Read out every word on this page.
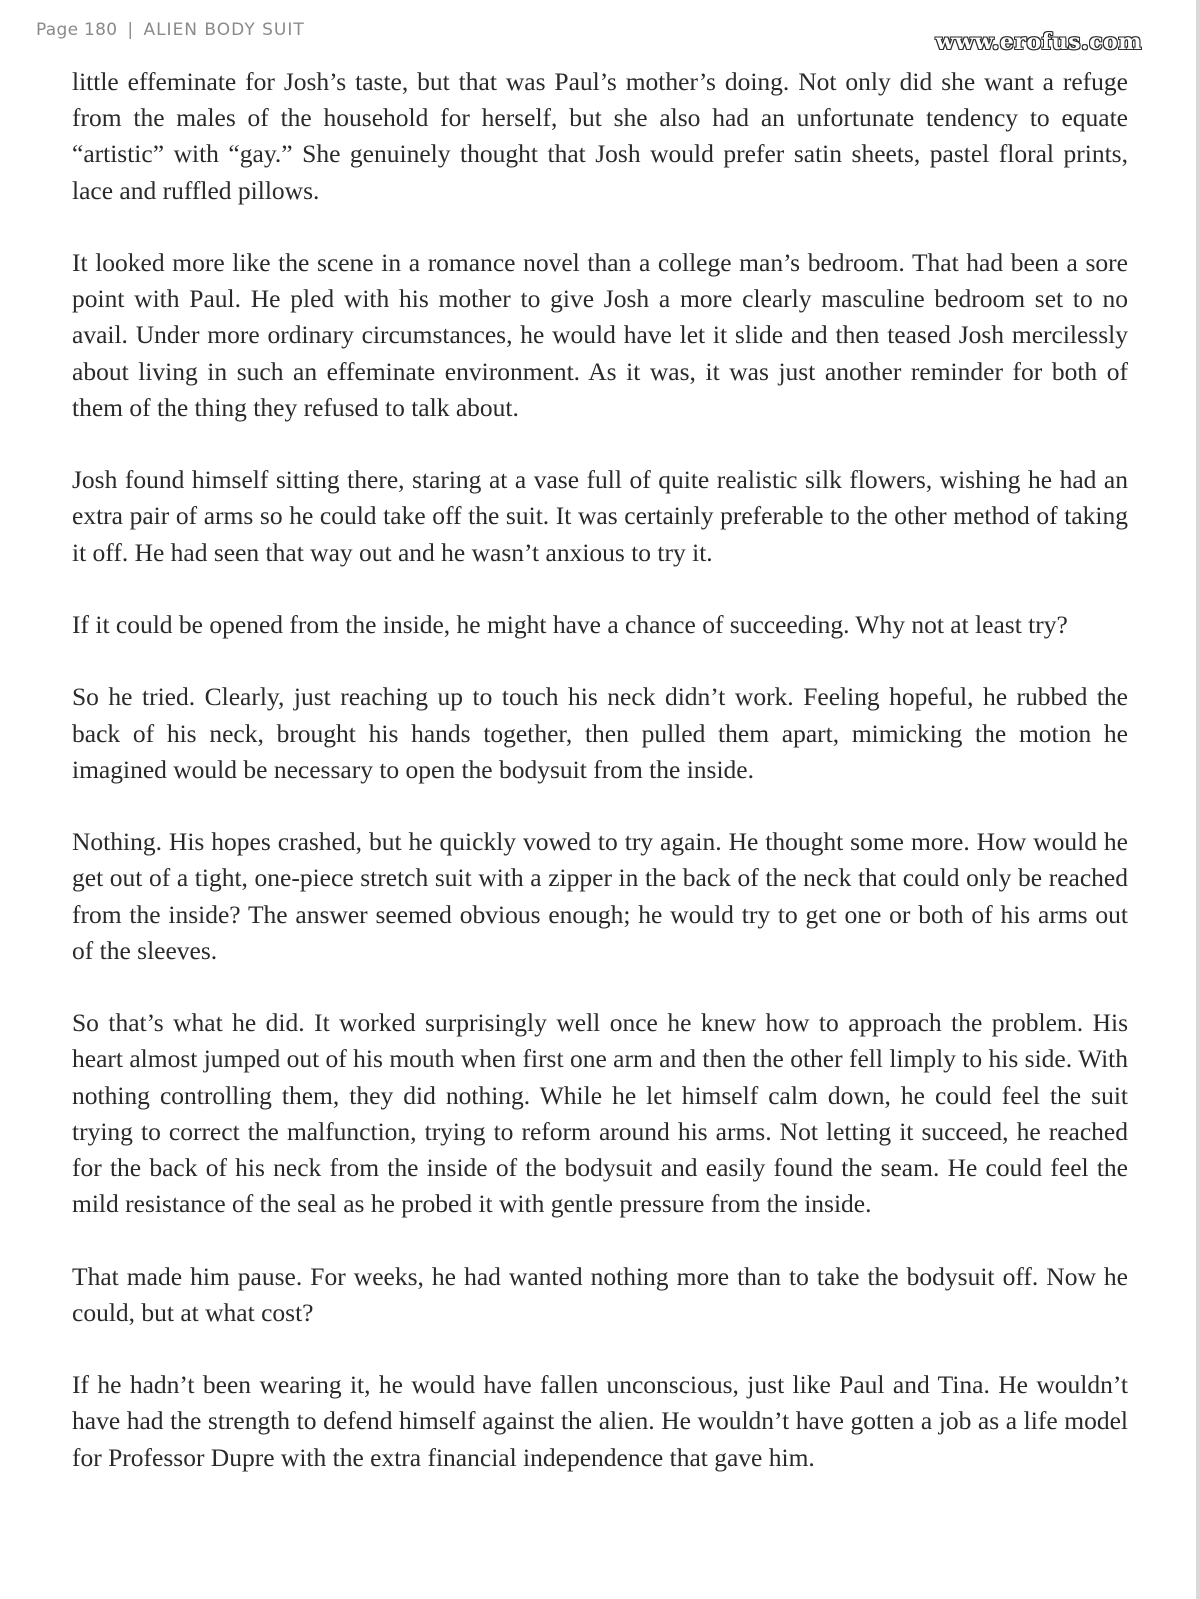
Page 180 | ALIEN BODY SUIT	www.erofus.com

little effeminate for Josh’s taste, but that was Paul’s mother’s doing. Not only did she want a refuge from the males of the household for herself, but she also had an unfortunate tendency to equate “artistic” with “gay.” She genuinely thought that Josh would prefer satin sheets, pastel floral prints, lace and ruffled pillows.

It looked more like the scene in a romance novel than a college man’s bedroom. That had been a sore point with Paul. He pled with his mother to give Josh a more clearly masculine bedroom set to no avail. Under more ordinary circumstances, he would have let it slide and then teased Josh mercilessly about living in such an effeminate environment. As it was, it was just another reminder for both of them of the thing they refused to talk about.

Josh found himself sitting there, staring at a vase full of quite realistic silk flowers, wishing he had an extra pair of arms so he could take off the suit. It was certainly preferable to the other method of taking it off. He had seen that way out and he wasn’t anxious to try it.

If it could be opened from the inside, he might have a chance of succeeding. Why not at least try?

So he tried. Clearly, just reaching up to touch his neck didn’t work. Feeling hopeful, he rubbed the back of his neck, brought his hands together, then pulled them apart, mimicking the motion he imagined would be necessary to open the bodysuit from the inside.

Nothing. His hopes crashed, but he quickly vowed to try again. He thought some more. How would he get out of a tight, one-piece stretch suit with a zipper in the back of the neck that could only be reached from the inside? The answer seemed obvious enough; he would try to get one or both of his arms out of the sleeves.

So that’s what he did. It worked surprisingly well once he knew how to approach the problem. His heart almost jumped out of his mouth when first one arm and then the other fell limply to his side. With nothing controlling them, they did nothing. While he let himself calm down, he could feel the suit trying to correct the malfunction, trying to reform around his arms. Not letting it succeed, he reached for the back of his neck from the inside of the bodysuit and easily found the seam. He could feel the mild resistance of the seal as he probed it with gentle pressure from the inside.

That made him pause. For weeks, he had wanted nothing more than to take the bodysuit off. Now he could, but at what cost?

If he hadn’t been wearing it, he would have fallen unconscious, just like Paul and Tina. He wouldn’t have had the strength to defend himself against the alien. He wouldn’t have gotten a job as a life model for Professor Dupre with the extra financial independence that gave him.
